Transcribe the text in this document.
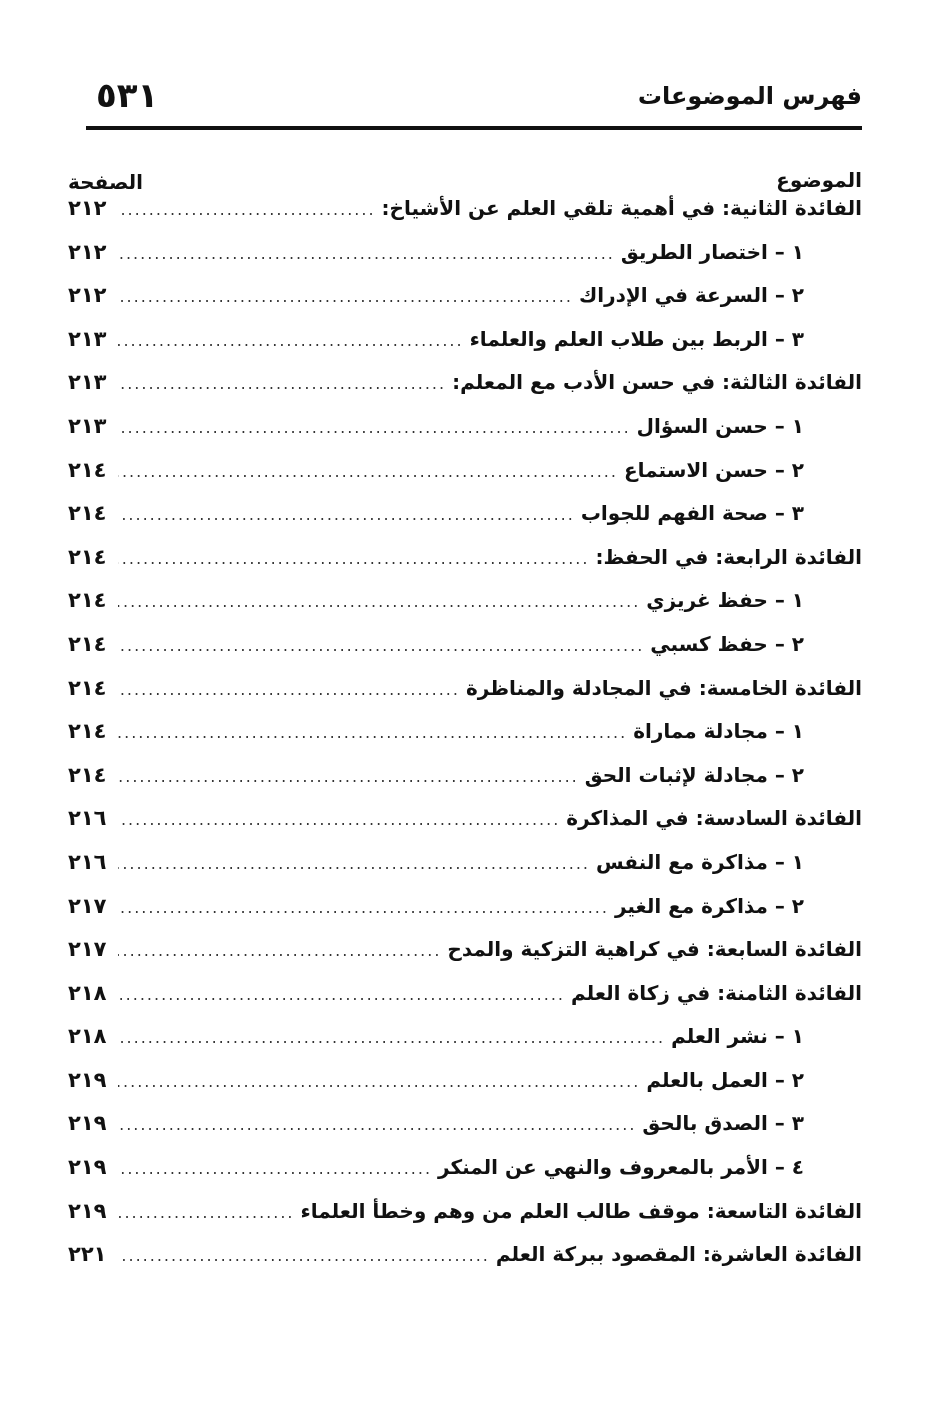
فهرس الموضوعات
٥٣١
الموضوع
الصفحة
الفائدة الثانية: في أهمية تلقي العلم عن الأشياخ:
.....
٢١٢
١ – اختصار الطريق
.....
٢١٢
٢ – السرعة في الإدراك
.....
٢١٢
٣ – الربط بين طلاب العلم والعلماء
.....
٢١٣
الفائدة الثالثة: في حسن الأدب مع المعلم:
.....
٢١٣
١ – حسن السؤال
.....
٢١٣
٢ – حسن الاستماع
.....
٢١٤
٣ – صحة الفهم للجواب
.....
٢١٤
الفائدة الرابعة: في الحفظ:
.....
٢١٤
١ – حفظ غريزي
.....
٢١٤
٢ – حفظ كسبي
.....
٢١٤
الفائدة الخامسة: في المجادلة والمناظرة
.....
٢١٤
١ – مجادلة مماراة
.....
٢١٤
٢ – مجادلة لإثبات الحق
.....
٢١٤
الفائدة السادسة: في المذاكرة
.....
٢١٦
١ – مذاكرة مع النفس
.....
٢١٦
٢ – مذاكرة مع الغير
.....
٢١٧
الفائدة السابعة: في كراهية التزكية والمدح
.....
٢١٧
الفائدة الثامنة: في زكاة العلم
.....
٢١٨
١ – نشر العلم
.....
٢١٨
٢ – العمل بالعلم
.....
٢١٩
٣ – الصدق بالحق
.....
٢١٩
٤ – الأمر بالمعروف والنهي عن المنكر
.....
٢١٩
الفائدة التاسعة: موقف طالب العلم من وهم وخطأ العلماء
.....
٢١٩
الفائدة العاشرة: المقصود ببركة العلم
.....
٢٢١
